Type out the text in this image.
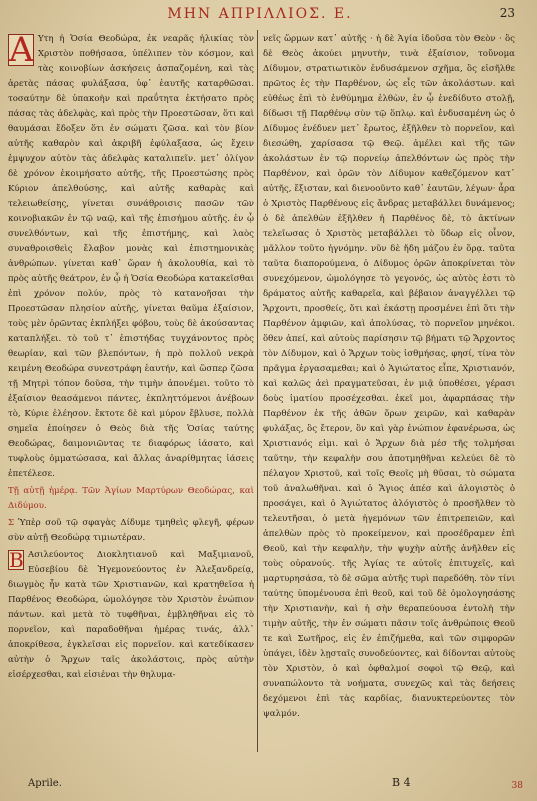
ΜΗΝ ΑΠΡΙΛΛΙΟΣ. Ε.	23
Α Υτη ἡ Ὁσία Θεοδώρα, ἐκ νεαρᾶς ἡλικίας τὸν Χριστὸν ποθήσασα, ὑπέλιπεν τὸν κόσμον, καὶ τὰς κοινοβίων ἀσκήσεις ἀσπαζομένη, καὶ τὰς ἀρετὰς πάσας φυλάξασα, ὑφ᾿ ἑαυτῆς καταρθῶσαι. τοσαύτην δὲ ὑπακοὴν καὶ πραΰτητα ἐκτήσατο πρὸς πάσας τὰς ἀδελφὰς, καὶ πρὸς τὴν Προεστῶσαν, ὅτι καὶ θαυμάσαι ἔδοξεν ὅτι ἐν σώματι ζῶσα. καὶ τὸν βίον αὐτῆς καθαρὸν καὶ ἀκριβῆ ἐφύλαξασα, ὡς ἔχειν ἐμψυχον αὐτὸν τὰς ἀδελφὰς καταλιπεῖν. μετ᾿ ὀλίγον δὲ χρόνον ἐκοιμήσατο αὐτῆς, τῆς Προεστώσης πρὸς Κύριον ἀπελθούσης, καὶ αὐτῆς καθαρὰς καὶ τελειωθείσης, γίνεται συνάθροισις πασῶν τῶν κοινοβιακῶν ἐν τῷ ναῷ, καὶ τῆς ἐπισήμου αὐτῆς. ἐν ᾧ συνελθόντων, καὶ τῆς ἐπιστήμης, καὶ λαὸς συναθροισθεὶς ἔλαβον μονὰς καὶ ἐπιστημονικὰς ἀνθρώπων. γίνεται καθ᾿ ὥραν ἡ ἀκολουθία, καὶ τὸ πρὸς αὐτῆς θεάτρον, ἐν ᾧ ἡ Ὁσία Θεοδώρα κατακεῖσθαι ἐπὶ χρόνον πολύν, πρὸς τὸ κατανοῆσαι τὴν Προεστῶσαν πλησίον αὐτῆς, γίνεται θαῦμα ἐξαίσιον, τοὺς μὲν ὁρῶντας ἐκπλήξει φόβου, τοὺς δὲ ἀκούσαντας καταπλήξει. τὸ τοῦ τ᾿ ἐπιστήδας τυγχάνοντος πρὸς θεωρίαν, καὶ τῶν βλεπόντων, ἡ πρὸ πολλοῦ νεκρὰ κειμένη Θεοδώρα συνεστράφη ἑαυτήν, καὶ ὥσπερ ζῶσα τῇ Μητρὶ τόπον δοῦσα, τὴν τιμὴν ἀπονέμει. τοῦτο τὸ ἐξαίσιον θεασάμενοι πάντες, ἐκπληττόμενοι ἀνέβοων τὸ, Κύριε ἐλέησον. ἔκτοτε δὲ καὶ μύρον ἔβλυσε, πολλὰ σημεῖα ἐποίησεν ὁ Θεὸς διὰ τῆς Ὁσίας ταύτης Θεοδώρας, δαιμονιῶντας τε διαφόρως ἰάσατο, καὶ τυφλοὺς ὀμματώσασα, καὶ ἄλλας ἀναρίθμητας ἰάσεις ἐπετέλεσε.

Τῇ αὐτῇ ἡμέρᾳ. Τῶν Ἁγίων Μαρτύρων Θεοδώρας, καὶ Διδύμου.

Σ Ὑπὲρ σοῦ τῷ σφαγὰς Δίδυμε τμηθεὶς φλεγῆ, φέρων σὺν αὐτῇ Θεοδώρᾳ τιμιωτέραν.

Β Ασιλεύοντος Διοκλητιανοῦ καὶ Μαξιμιανοῦ, Εὐσεβίου δὲ Ἡγεμονεύοντος ἐν Ἀλεξανδρείᾳ, διωγμὸς ἦν κατὰ τῶν Χριστιανῶν, καὶ κρατηθεῖσα ἡ Παρθένος Θεοδώρα, ὡμολόγησε τὸν Χριστὸν ἐνώπιον πάντων. καὶ μετὰ τὸ τυφθῆναι, ἐμβληθῆναι εἰς τὸ πορνεῖον, καὶ παραδοθῆναι ἡμέρας τινάς, ἀλλ᾿ ἀποκρίθεσα, ἐγκλεῖσαι εἰς πορνεῖον. καὶ κατεδίκασεν αὐτὴν ὁ Ἄρχων ταῖς ἀκολάστοις, πρὸς αὐτὴν εἰσέρχεσθαι, καὶ εἰσιέναι τὴν θηλυμα-

νεῖς ὥρμων κατ᾿ αὐτῆς · ἡ δὲ Ἁγία ἰδοῦσα τὸν Θεὸν · ὃς δὲ Θεὸς ἀκούει μηνυτὴν, τινὰ ἐξαίσιον, τοὔνομα Δίδυμον, στρατιωτικὸν ἐνδυσάμενον σχῆμα, ὃς εἰσῆλθε πρῶτος ἐς τὴν Παρθένον, ὡς εἷς τῶν ἀκολάστων. καὶ εὐθέως ἐπὶ τὸ ἐνθύμημα ἐλθὼν, ἐν ᾧ ἐνεδίδυτο στολῇ, δίδωσι τῇ Παρθένῳ σὺν τῷ ὅπλῳ. καὶ ἐνδυσαμένη ὡς ὁ Δίδυμος ἐνέδυεν μετ᾿ ἔρωτος, ἐξῆλθεν τὸ πορνεῖον, καὶ διεσώθη, χαρίσασα τῷ Θεῷ. ἀμέλει καὶ τῆς τῶν ἀκολάστων ἐν τῷ πορνείῳ ἀπελθόντων ὡς πρὸς τὴν Παρθένον, καὶ ὁρῶν τὸν Δίδυμον καθεζόμενον κατ᾿ αὐτῆς, ἔξισταν, καὶ διενοοῦντο καθ᾿ ἑαυτῶν, λέγων· ἆρα ὁ Χριστὸς Παρθένους εἰς ἄνδρας μεταβάλλει δυνάμενος; ὁ δὲ ἀπελθὼν ἐξῆλθεν ἡ Παρθένος δὲ, τὸ ἀκτίνων τελεῖωσας ὁ Χριστὸς μεταβάλλει τὸ ὕδωρ εἰς οἶνον, μᾶλλον τοῦτο ἠγνόμην. νῦν δὲ ἤδη μάζου ἐν ὅρᾳ. ταῦτα ταῦτα διαπορούμενα, ὁ Δίδυμος ὁρῶν ἀποκρίνεται τὸν συνεχόμενον, ὡμολόγησε τὸ γεγονός, ὡς αὐτὸς ἐστι τὸ δράματος αὐτῆς καθαρεῖα, καὶ βέβαιον ἀναγγέλλει τῷ Ἄρχοντι, προσθείς, ὅτι καὶ ἐκάστῃ προσμένει ἐπὶ ὅτι τὴν Παρθένον ἀμφιῶν, καὶ ἀπολύσας, τὸ πορνεῖον μηνέκοι. ὅθεν ἀπεί, καὶ αὐτοὺς παρίσησιν τῷ βήματι τῷ Ἄρχοντος τὸν Δίδυμον, καὶ ὁ Ἄρχων τοὺς ἰσθμήσας, φησί, τίνα τὸν πρᾶγμα ἐργασαμεθαι; καὶ ὁ Ἁγιώτατος εἶπε, Χριστιανόν, καὶ καλῶς ἀεὶ πραγματεῦσαι, ἐν μιᾷ ὑποθέσει, γέρασι δοὺς ἱματίου προσέχεσθαι. ἐκεῖ μοι, ἀφαρπάσας τὴν Παρθένον ἐκ τῆς ἀθῶν ὅρων χειρῶν, καὶ καθαρὰν φυλάξας, ὃς ἔτερον, ὃν καὶ γὰρ ἐνώπιον ἐφανέρωσα, ὡς Χριστιανός εἰμι. καὶ ὁ Ἄρχων διὰ μέσ τῆς τολμήσαι ταῦτην, τὴν κεφαλὴν σου ἀποτμηθῆναι κελεύει δὲ τὸ πέλαγον Χριστοῦ, καὶ τοῖς Θεοῖς μὴ θῦσαι, τὸ σώματα τοῦ ἀναλωθῆναι. καὶ ὁ Ἅγιος ἀπέσ καὶ ἀλογιστὸς ὁ προσάγει, καὶ ὁ Ἁγιώτατος ἀλόγιστὸς ὁ προσῆλθεν τὸ τελευτῆσαι, ὁ μετὰ ἡγεμόνων τῶν ἐπιτρεπειῶν, καὶ ἀπελθὼν πρὸς τὸ προκείμενον, καὶ προσέδραμεν ἐπὶ Θεοῦ, καὶ τὴν κεφαλὴν, τὴν ψυχὴν αὐτῆς ἀνῆλθεν εἰς τοὺς οὐρανούς. τῆς Ἀγίας τε αὐτοῖς ἐπιτυχεῖς, καὶ μαρτυρησάσα, τὸ δὲ σῶμα αὐτῆς τυρὶ παρεδόθη. τὸν τίνι ταύτης ὑπομένουσα ἐπὶ θεοῦ, καὶ τοῦ δὲ ὁμολογησάσης τὴν Χριστιανὴν, καὶ ἡ σὴν θεραπεύουσα ἐντολὴ τὴν τιμὴν αὐτῆς, τὴν ἐν σώματι πᾶσιν τοῖς ἀνθρώποις Θεοῦ τε καὶ Σωτῆρος, εἰς ἐν ἐπιζήμεθα, καὶ τῶν σιμφορῶν ὑπάγει, ἰδὲν λῃσταῖς συνοδεύοντες, καὶ δίδονται αὐτοὺς τὸν Χριστὸν, ὁ καὶ ὀφθαλμοί σοφοὶ τῷ Θεῷ, καὶ συναπώλοντο τὰ νοήματα, συνεχῶς καὶ τὰς δεήσεις δεχόμενοι ἐπὶ τὰς καρδίας, διανυκτερεύοντες τὸν ψαλμόν.

Aprile.	B 4	38
